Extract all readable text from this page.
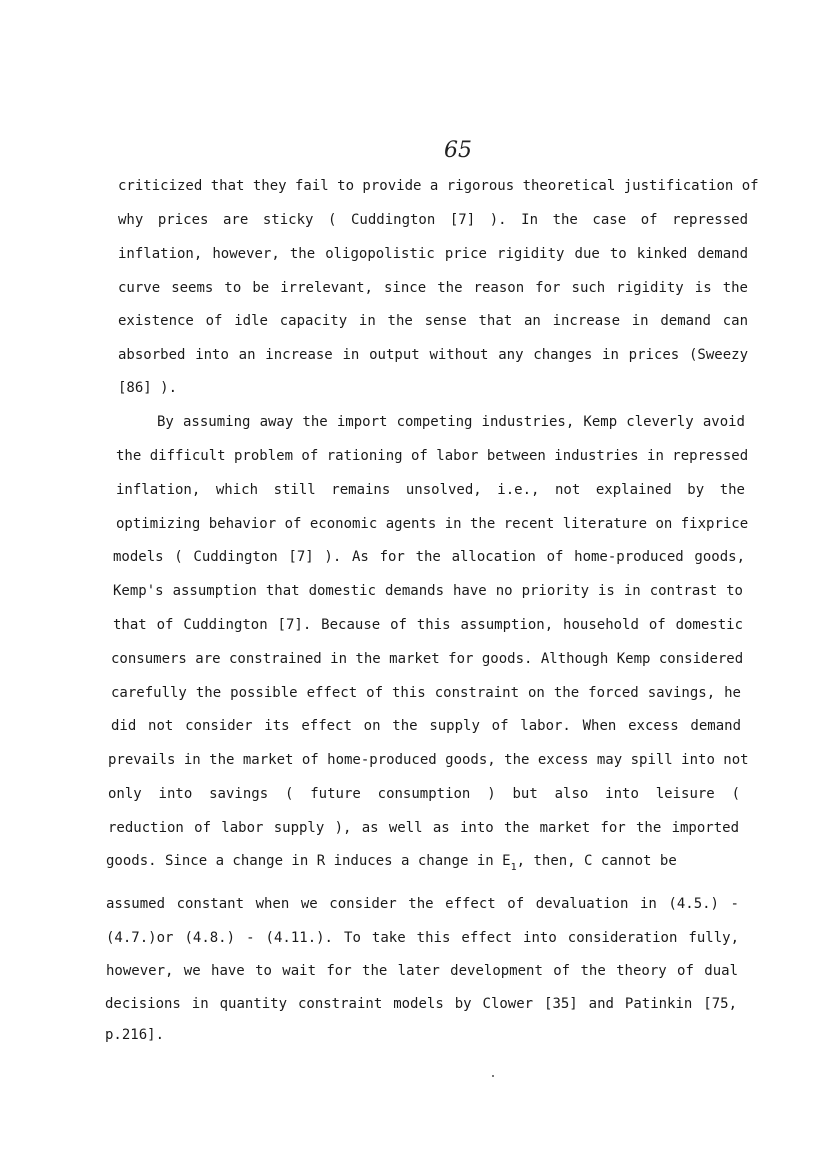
65
criticized that they fail to provide a rigorous theoretical justification of
why prices are sticky ( Cuddington [7] ). In the case of repressed
inflation, however, the oligopolistic price rigidity due to kinked demand
curve seems to be irrelevant, since the reason for such rigidity is the
existence of idle capacity in the sense that an increase in demand can
absorbed into an increase in output without any changes in prices (Sweezy
[86] ).
By assuming away the import competing industries, Kemp cleverly avoid
the difficult problem of rationing of labor between industries in repressed
inflation, which still remains unsolved, i.e., not explained by the
optimizing behavior of economic agents in the recent literature on fixprice
models ( Cuddington [7] ). As for the allocation of home-produced goods,
Kemp's assumption that domestic demands have no priority is in contrast to
that of Cuddington [7]. Because of this assumption, household of domestic
consumers are constrained in the market for goods. Although Kemp considered
carefully the possible effect of this constraint on the forced savings, he
did not consider its effect on the supply of labor. When excess demand
prevails in the market of home-produced goods, the excess may spill into not
only into savings ( future consumption ) but also into leisure (
reduction of labor supply ), as well as into the market for the imported
goods. Since a change in R induces a change in $E_1$, then, C cannot be
assumed constant when we consider the effect of devaluation in (4.5.) -
(4.7.)or (4.8.) - (4.11.). To take this effect into consideration fully,
however, we have to wait for the later development of the theory of dual
decisions in quantity constraint models by Clower [35] and Patinkin [75,
p.216].
